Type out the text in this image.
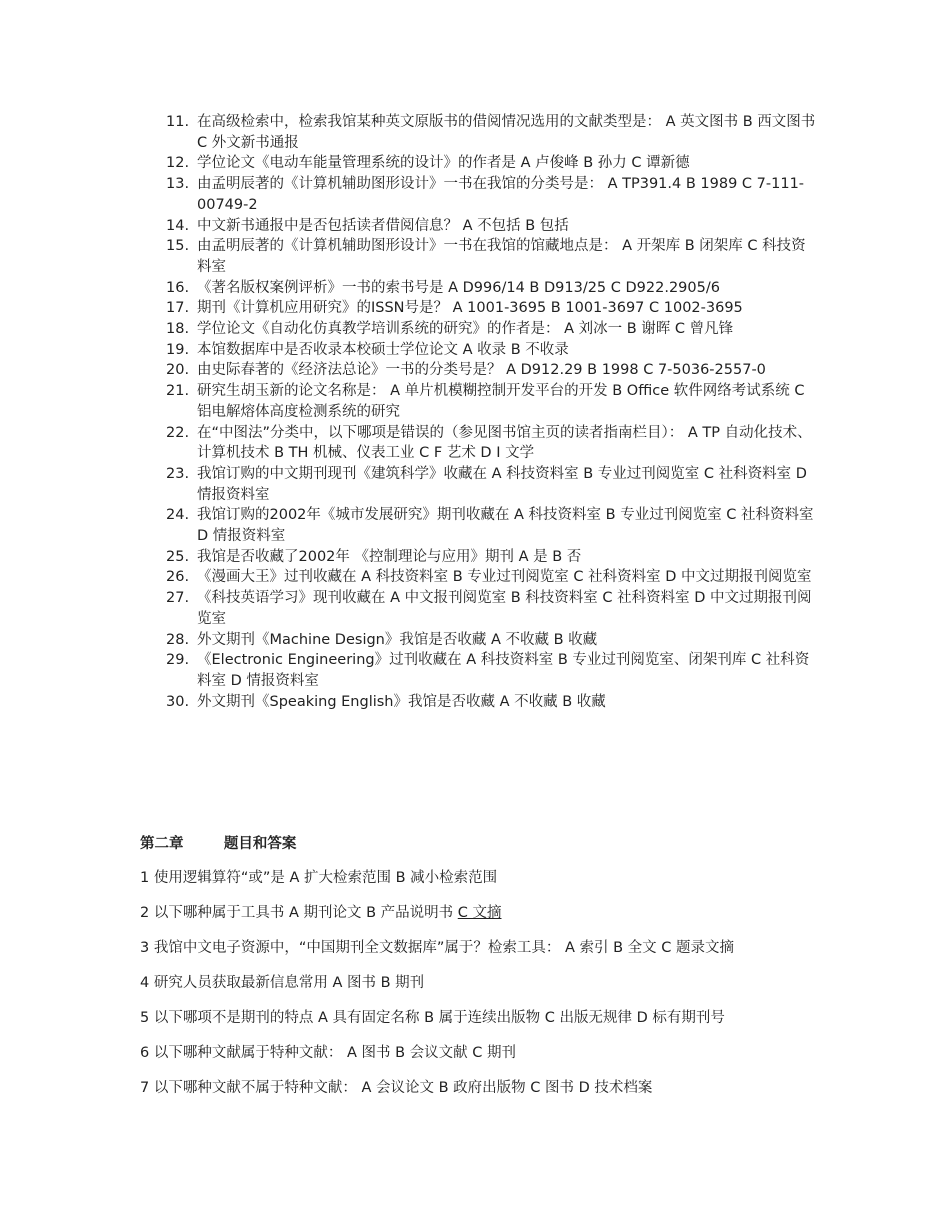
11. 在高级检索中，检索我馆某种英文原版书的借阅情况选用的文献类型是： A 英文图书 B 西文图书 C 外文新书通报
12. 学位论文《电动车能量管理系统的设计》的作者是 A 卢俊峰 B 孙力 C 谭新德
13. 由孟明辰著的《计算机辅助图形设计》一书在我馆的分类号是： A TP391.4 B 1989 C 7-111-00749-2
14. 中文新书通报中是否包括读者借阅信息？ A 不包括 B 包括
15. 由孟明辰著的《计算机辅助图形设计》一书在我馆的馆藏地点是： A 开架库 B 闭架库 C 科技资料室
16. 《著名版权案例评析》一书的索书号是 A D996/14 B D913/25 C D922.2905/6
17. 期刊《计算机应用研究》的ISSN号是？ A 1001-3695 B 1001-3697 C 1002-3695
18. 学位论文《自动化仿真教学培训系统的研究》的作者是： A 刘冰一 B 谢晖 C 曾凡锋
19. 本馆数据库中是否收录本校硕士学位论文 A 收录 B 不收录
20. 由史际春著的《经济法总论》一书的分类号是？ A D912.29 B 1998 C 7-5036-2557-0
21. 研究生胡玉新的论文名称是： A 单片机模糊控制开发平台的开发 B Office 软件网络考试系统 C 铝电解熔体高度检测系统的研究
22. 在“中图法”分类中，以下哪项是错误的（参见图书馆主页的读者指南栏目）： A TP 自动化技术、计算机技术 B TH 机械、仪表工业 C F 艺术 D I 文学
23. 我馆订购的中文期刊现刊《建筑科学》收藏在 A 科技资料室 B 专业过刊阅览室 C 社科资料室 D 情报资料室
24. 我馆订购的2002年《城市发展研究》期刊收藏在 A 科技资料室 B 专业过刊阅览室 C 社科资料室 D 情报资料室
25. 我馆是否收藏了2002年 《控制理论与应用》期刊 A 是 B 否
26. 《漫画大王》过刊收藏在 A 科技资料室 B 专业过刊阅览室 C 社科资料室 D 中文过期报刊阅览室
27. 《科技英语学习》现刊收藏在 A 中文报刊阅览室 B 科技资料室 C 社科资料室 D 中文过期报刊阅览室
28. 外文期刊《Machine Design》我馆是否收藏 A 不收藏 B 收藏
29. 《Electronic Engineering》过刊收藏在 A 科技资料室 B 专业过刊阅览室、闭架刊库 C 社科资料室 D 情报资料室
30. 外文期刊《Speaking English》我馆是否收藏 A 不收藏 B 收藏
第二章        题目和答案

1 使用逻辑算符“或”是 A 扩大检索范围 B 减小检索范围

2 以下哪种属于工具书 A 期刊论文 B 产品说明书 C 文摘

3 我馆中文电子资源中，“中国期刊全文数据库”属于？检索工具： A 索引 B 全文 C 题录文摘

4 研究人员获取最新信息常用 A 图书 B 期刊

5 以下哪项不是期刊的特点 A 具有固定名称 B 属于连续出版物 C 出版无规律 D 标有期刊号

6 以下哪种文献属于特种文献： A 图书 B 会议文献 C 期刊

7 以下哪种文献不属于特种文献： A 会议论文 B 政府出版物 C 图书 D 技术档案
